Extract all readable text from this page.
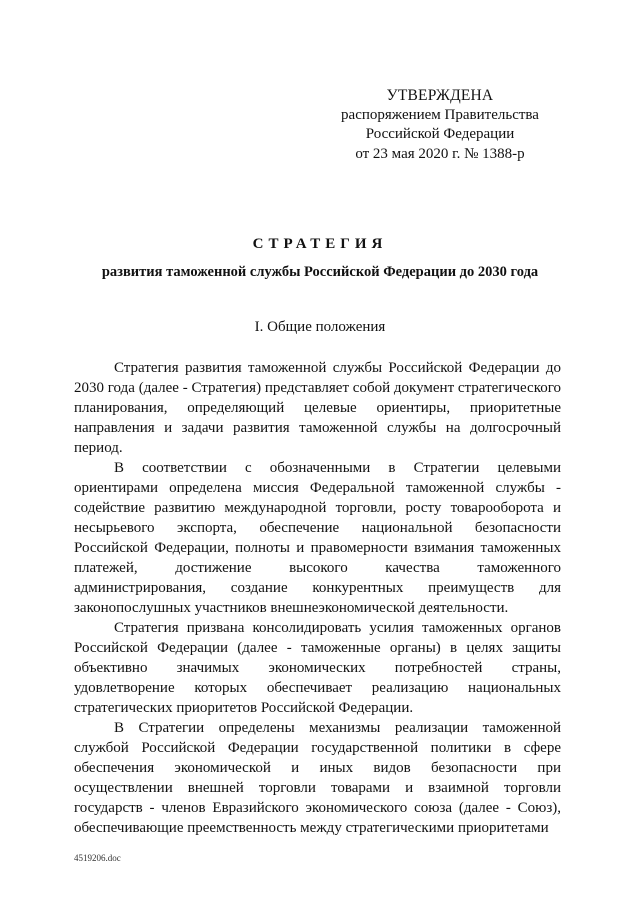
УТВЕРЖДЕНА
распоряжением Правительства
Российской Федерации
от 23 мая 2020 г. № 1388-р
СТРАТЕГИЯ
развития таможенной службы Российской Федерации до 2030 года
I. Общие положения

Стратегия развития таможенной службы Российской Федерации до 2030 года (далее - Стратегия) представляет собой документ стратегического планирования, определяющий целевые ориентиры, приоритетные направления и задачи развития таможенной службы на долгосрочный период.

В соответствии с обозначенными в Стратегии целевыми ориентирами определена миссия Федеральной таможенной службы - содействие развитию международной торговли, росту товарооборота и несырьевого экспорта, обеспечение национальной безопасности Российской Федерации, полноты и правомерности взимания таможенных платежей, достижение высокого качества таможенного администрирования, создание конкурентных преимуществ для законопослушных участников внешнеэкономической деятельности.

Стратегия призвана консолидировать усилия таможенных органов Российской Федерации (далее - таможенные органы) в целях защиты объективно значимых экономических потребностей страны, удовлетворение которых обеспечивает реализацию национальных стратегических приоритетов Российской Федерации.

В Стратегии определены механизмы реализации таможенной службой Российской Федерации государственной политики в сфере обеспечения экономической и иных видов безопасности при осуществлении внешней торговли товарами и взаимной торговли государств - членов Евразийского экономического союза (далее - Союз), обеспечивающие преемственность между стратегическими приоритетами

4519206.doc
